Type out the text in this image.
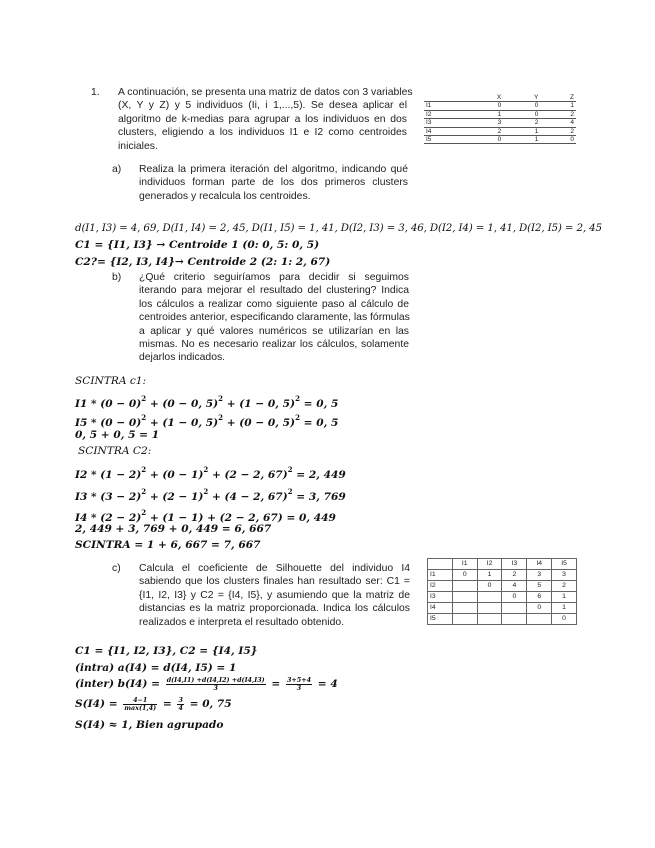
1. A continuación, se presenta una matriz de datos con 3 variables
(X, Y y Z) y 5 individuos (Ii, i 1,...,5). Se desea aplicar el
algoritmo de k-medias para agrupar a los individuos en dos
clusters, eligiendo a los individuos I1 e I2 como centroides
iniciales.
	X	Y	Z
I1	0	0	1
I2	1	0	2
I3	3	2	4
I4	2	1	2
I5	0	1	0
a) Realiza la primera iteración del algoritmo, indicando qué
individuos forman parte de los dos primeros clusters
generados y recalcula los centroides.
d(I1, I3) = 4, 69, D(I1, I4) = 2, 45, D(I1, I5) = 1, 41, D(I2, I3) = 3, 46, D(I2, I4) = 1, 41, D(I2, I5) = 2, 45
C1 = {I1, I3} → Centroide 1 (0: 0, 5: 0, 5)
C2?= {I2, I3, I4}→ Centroide 2 (2: 1: 2, 67)
b) ¿Qué criterio seguiríamos para decidir si seguimos
iterando para mejorar el resultado del clustering? Indica
los cálculos a realizar como siguiente paso al cálculo de
centroides anterior, especificando claramente, las fórmulas
a aplicar y qué valores numéricos se utilizarían en las
mismas. No es necesario realizar los cálculos, solamente
dejarlos indicados.
SCINTRA c1:
$I1 * (0 - 0)^2 + (0 - 0$, 5)$^2$ + (1 − 0, 5)$^2$ = 0, 5
$I5 * (0 - 0)^2 + (1 - 0$, 5)$^2$ + (0 − 0, 5)$^2$ = 0, 5
0, 5 + 0, 5 = 1
SCINTRA C2:
$I2 * (1 - 2)^2 + (0 - 1)^2 + (2 - 2$, 67)$^2$ = 2, 449
$I3 * (3 - 2)^2 + (2 - 1)^2 + (4 - 2$, 67)$^2$ = 3, 769
$I4 * (2 - 2)^2 + (1 - 1) + (2 - 2$, 67) = 0, 449
2, 449 + 3, 769 + 0, 449 = 6, 667
SCINTRA = 1 + 6, 667 = 7, 667
c) Calcula el coeficiente de Silhouette del individuo I4
sabiendo que los clusters finales han resultado ser: C1 =
{I1, I2, I3} y C2 = {I4, I5}, y asumiendo que la matriz de
distancias es la matriz proporcionada. Indica los cálculos
realizados e interpreta el resultado obtenido.
	I1	I2	I3	I4	I5
I1	0	1	2	3	3
I2		0	4	5	2
I3			0	6	1
I4				0	1
I5					0
C1 = {I1, I2, I3}, C2 = {I4, I5}
(intra) a(I4) = d(I4, I5) = 1
(inter) $b(I4) = \frac{d(I4,I1) +d(I4,I2) +d(I4,I3)}{3} = \frac{3+5+4}{3} = 4$
$S(I4) = \frac{4-1}{\max(1,4)} = \frac{3}{4} = 0$, 75
S(I4) ≈ 1, Bien agrupado
